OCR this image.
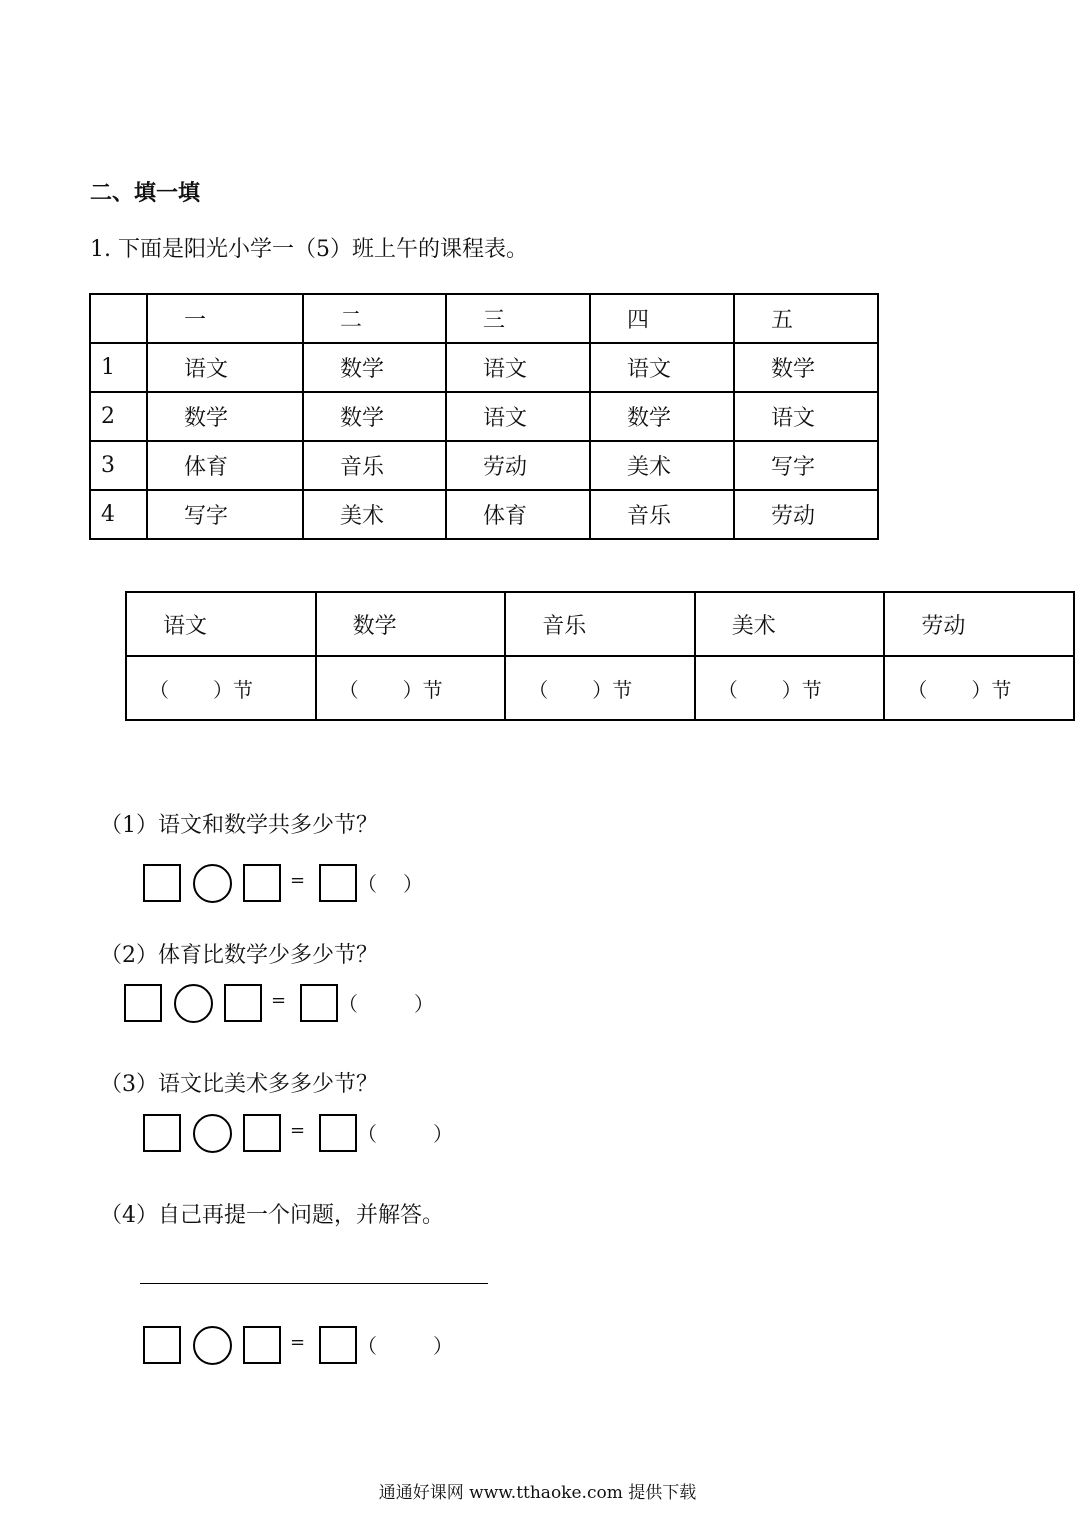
二、填一填
1. 下面是阳光小学一（5）班上午的课程表。
	一	二	三	四	五
1	语文	数学	语文	语文	数学
2	数学	数学	语文	数学	语文
3	体育	音乐	劳动	美术	写字
4	写字	美术	体育	音乐	劳动
语文	数学	音乐	美术	劳动
（ ）节	（ ）节	（ ）节	（ ）节	（ ）节
（1）语文和数学共多少节？
=	（ ）
（2）体育比数学少多少节？
=	（	）
（3）语文比美术多多少节？
=	（	）
（4）自己再提一个问题，并解答。
=	（	）
通通好课网 www.tthaoke.com 提供下载
